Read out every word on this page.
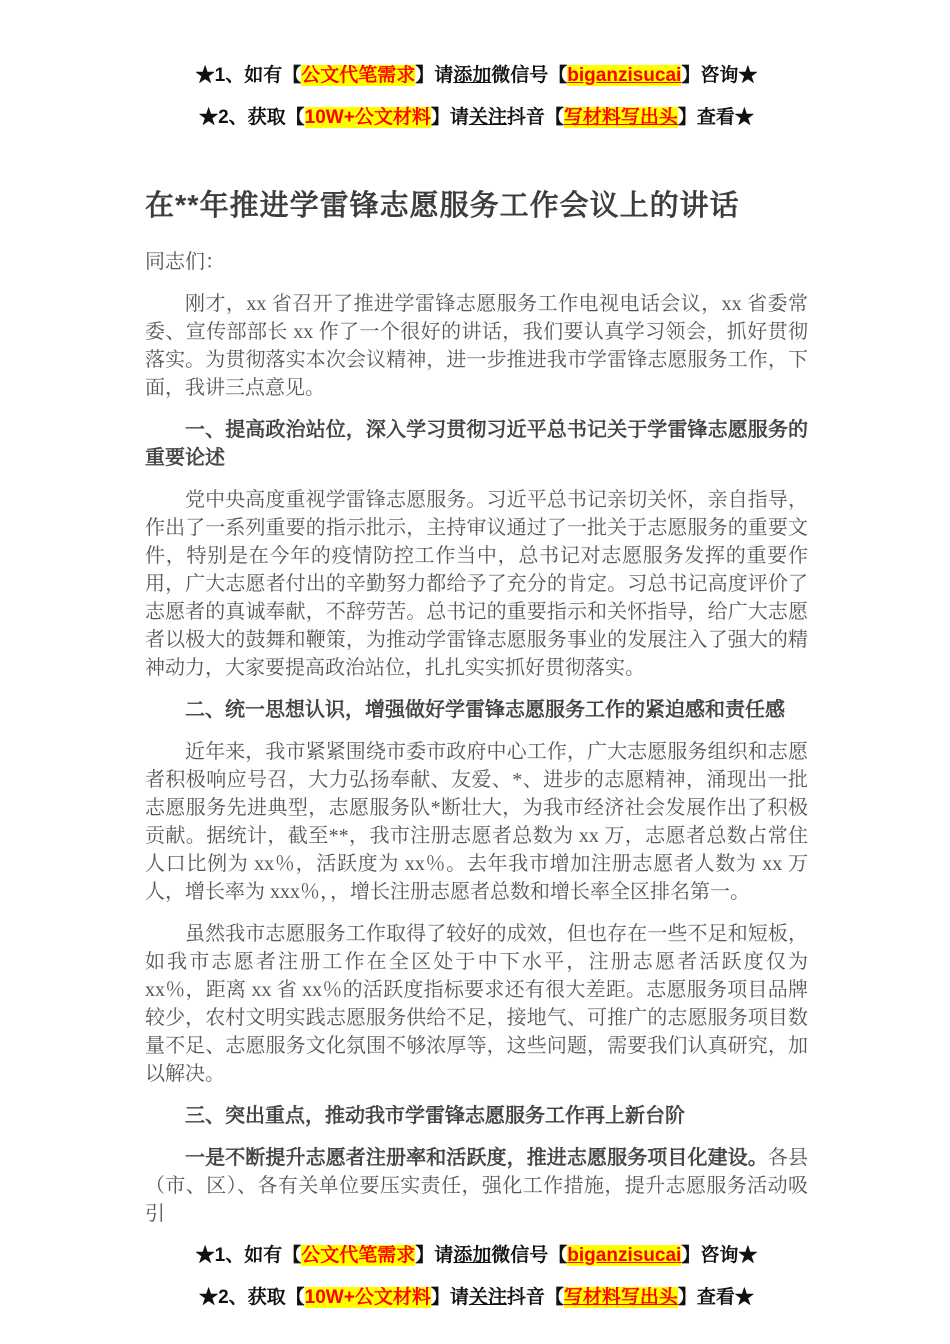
★1、如有【公文代笔需求】请添加微信号【biganzisucai】咨询★
★2、获取【10W+公文材料】请关注抖音【写材料写出头】查看★
在**年推进学雷锋志愿服务工作会议上的讲话

同志们：

刚才，xx 省召开了推进学雷锋志愿服务工作电视电话会议，xx 省委常委、宣传部部长 xx 作了一个很好的讲话，我们要认真学习领会，抓好贯彻落实。为贯彻落实本次会议精神，进一步推进我市学雷锋志愿服务工作，下面，我讲三点意见。

一、提高政治站位，深入学习贯彻习近平总书记关于学雷锋志愿服务的重要论述

党中央高度重视学雷锋志愿服务。习近平总书记亲切关怀，亲自指导，作出了一系列重要的指示批示，主持审议通过了一批关于志愿服务的重要文件，特别是在今年的疫情防控工作当中，总书记对志愿服务发挥的重要作用，广大志愿者付出的辛勤努力都给予了充分的肯定。习总书记高度评价了志愿者的真诚奉献，不辞劳苦。总书记的重要指示和关怀指导，给广大志愿者以极大的鼓舞和鞭策，为推动学雷锋志愿服务事业的发展注入了强大的精神动力，大家要提高政治站位，扎扎实实抓好贯彻落实。

二、统一思想认识，增强做好学雷锋志愿服务工作的紧迫感和责任感

近年来，我市紧紧围绕市委市政府中心工作，广大志愿服务组织和志愿者积极响应号召，大力弘扬奉献、友爱、*、进步的志愿精神，涌现出一批志愿服务先进典型，志愿服务队*断壮大，为我市经济社会发展作出了积极贡献。据统计，截至**，我市注册志愿者总数为 xx 万，志愿者总数占常住人口比例为 xx％，活跃度为 xx％。去年我市增加注册志愿者人数为 xx 万人，增长率为 xxx％，，增长注册志愿者总数和增长率全区排名第一。

虽然我市志愿服务工作取得了较好的成效，但也存在一些不足和短板，如我市志愿者注册工作在全区处于中下水平，注册志愿者活跃度仅为 xx％，距离 xx 省 xx％的活跃度指标要求还有很大差距。志愿服务项目品牌较少，农村文明实践志愿服务供给不足，接地气、可推广的志愿服务项目数量不足、志愿服务文化氛围不够浓厚等，这些问题，需要我们认真研究，加以解决。

三、突出重点，推动我市学雷锋志愿服务工作再上新台阶

一是不断提升志愿者注册率和活跃度，推进志愿服务项目化建设。各县（市、区）、各有关单位要压实责任，强化工作措施，提升志愿服务活动吸引

★1、如有【公文代笔需求】请添加微信号【biganzisucai】咨询★
★2、获取【10W+公文材料】请关注抖音【写材料写出头】查看★
